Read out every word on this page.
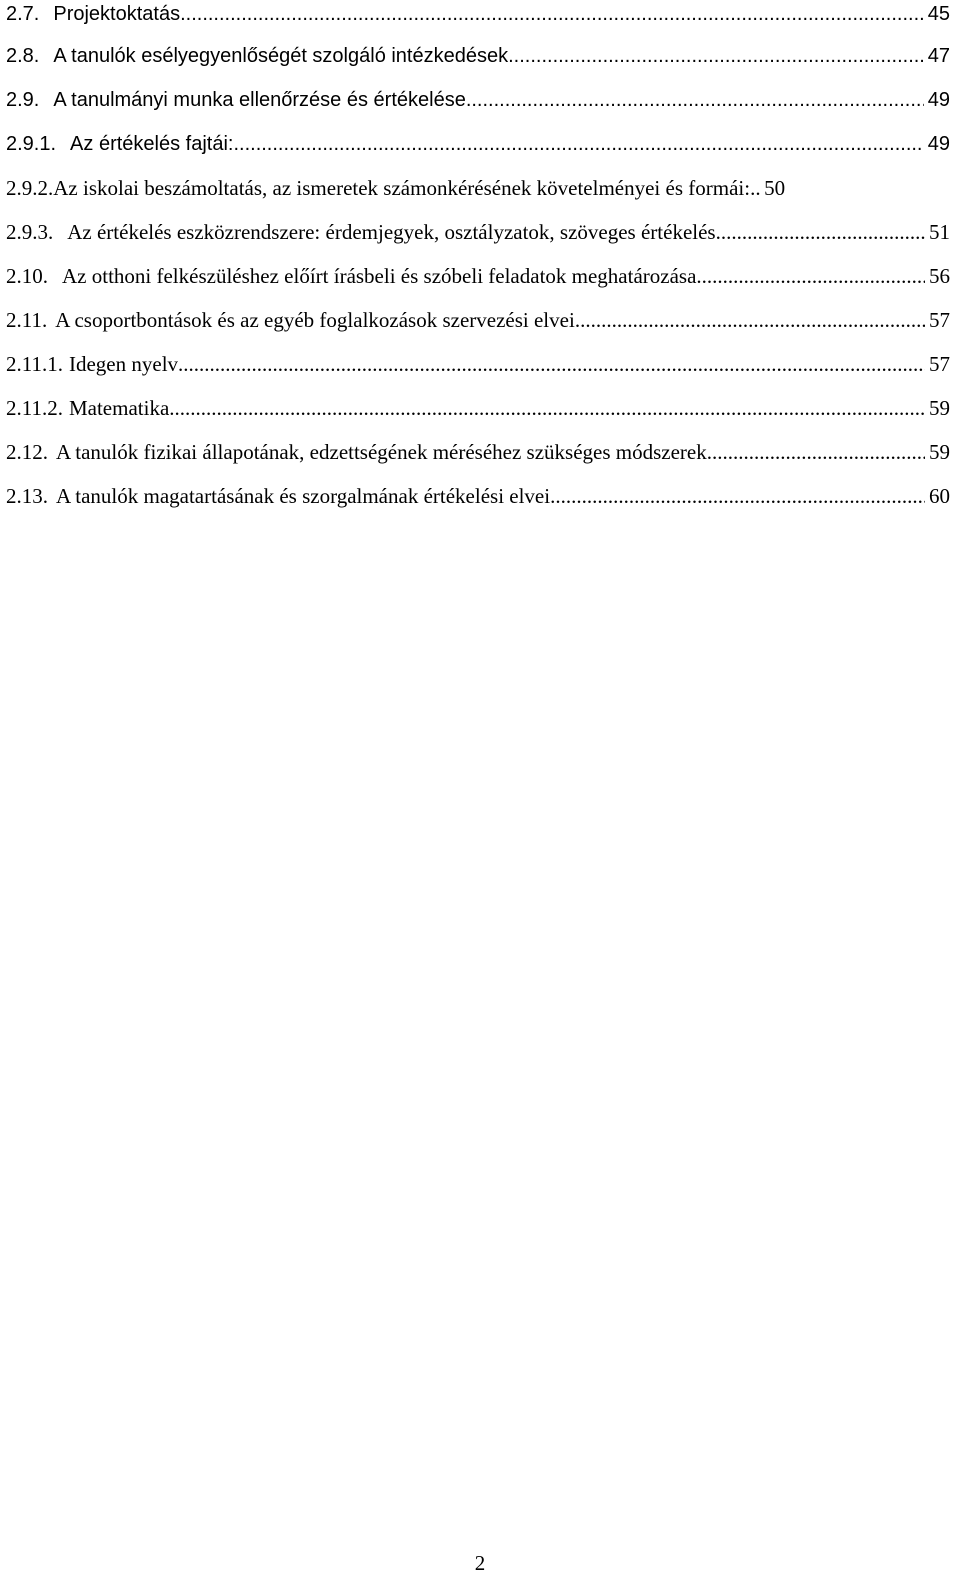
2.7. Projektoktatás .....	45
2.8. A tanulók esélyegyenlőségét szolgáló intézkedések .....	47
2.9. A tanulmányi munka ellenőrzése és értékelése .....	49
2.9.1. Az értékelés fajtái: .....	49
2.9.2. Az iskolai beszámoltatás, az ismeretek számonkérésének követelményei és formái: ..... 50
2.9.3. Az értékelés eszközrendszere: érdemjegyek, osztályzatok, szöveges értékelés .....	51
2.10. Az otthoni felkészüléshez előírt írásbeli és szóbeli feladatok meghatározása .....	56
2.11. A csoportbontások és az egyéb foglalkozások szervezési elvei .....	57
2.11.1. Idegen nyelv .....	57
2.11.2. Matematika .....	59
2.12. A tanulók fizikai állapotának, edzettségének méréséhez szükséges módszerek .....	59
2.13. A tanulók magatartásának és szorgalmának értékelési elvei .....	60
2
